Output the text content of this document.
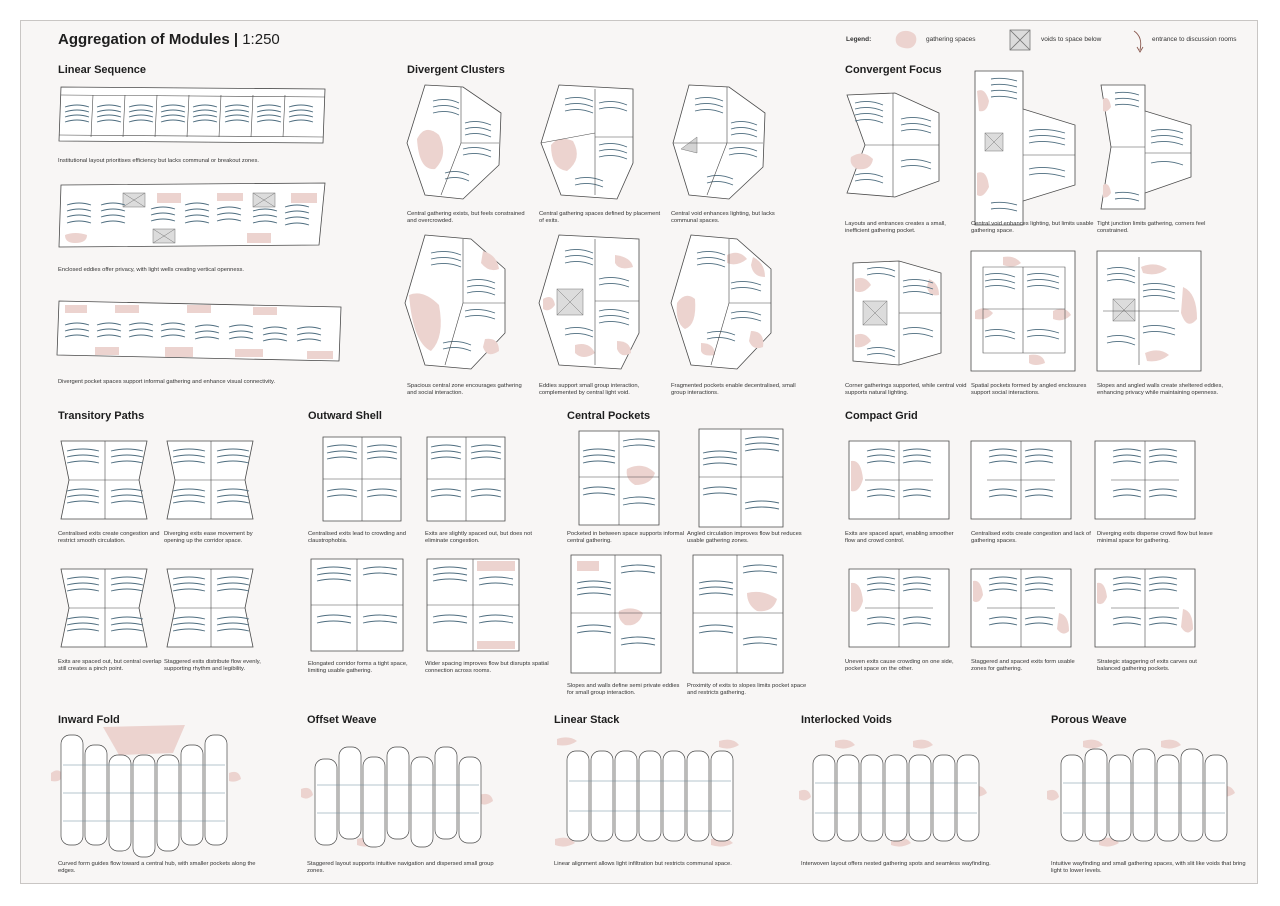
Aggregation of Modules | 1:250	Legend:	gathering spaces	voids to space below	entrance to discussion rooms
Linear Sequence
Institutional layout prioritises efficiency but lacks communal or breakout zones.
Enclosed eddies offer privacy, with light wells creating vertical openness.
Divergent pocket spaces support informal gathering and enhance visual connectivity.
Divergent Clusters
Central gathering exists, but feels constrained and overcrowded.
Central gathering spaces defined by placement of exits.
Central void enhances lighting, but lacks communal spaces.
Spacious central zone encourages gathering and social interaction.
Eddies support small group interaction, complemented by central light void.
Fragmented pockets enable decentralised, small group interactions.
Convergent Focus
Layouts and entrances creates a small, inefficient gathering pocket.
Central void enhances lighting, but limits usable gathering space.
Tight junction limits gathering, corners feel constrained.
Corner gatherings supported, while central void supports natural lighting.
Spatial pockets formed by angled enclosures support social interactions.
Slopes and angled walls create sheltered eddies, enhancing privacy while maintaining openness.
Transitory Paths
Centralised exits create congestion and restrict smooth circulation.
Diverging exits ease movement by opening up the corridor space.
Exits are spaced out, but central overlap still creates a pinch point.
Staggered exits distribute flow evenly, supporting rhythm and legibility.
Outward Shell
Centralised exits lead to crowding and claustrophobia.
Exits are slightly spaced out, but does not eliminate congestion.
Elongated corridor forms a tight space, limiting usable gathering.
Wider spacing improves flow but disrupts spatial connection across rooms.
Central Pockets
Pocketed in between space supports informal central gathering.
Angled circulation improves flow but reduces usable gathering zones.
Slopes and walls define semi private eddies for small group interaction.
Proximity of exits to slopes limits pocket space and restricts gathering.
Compact Grid
Exits are spaced apart, enabling smoother flow and crowd control.
Centralised exits create congestion and lack of gathering spaces.
Diverging exits disperse crowd flow but leave minimal space for gathering.
Uneven exits cause crowding on one side, pocket space on the other.
Staggered and spaced exits form usable zones for gathering.
Strategic staggering of exits carves out balanced gathering pockets.
Inward Fold
Curved form guides flow toward a central hub, with smaller pockets along the edges.
Offset Weave
Staggered layout supports intuitive navigation and dispersed small group zones.
Linear Stack
Linear alignment allows light infiltration but restricts communal space.
Interlocked Voids
Interwoven layout offers nested gathering spots and seamless wayfinding.
Porous Weave
Intuitive wayfinding and small gathering spaces, with slit like voids that bring light to lower levels.
